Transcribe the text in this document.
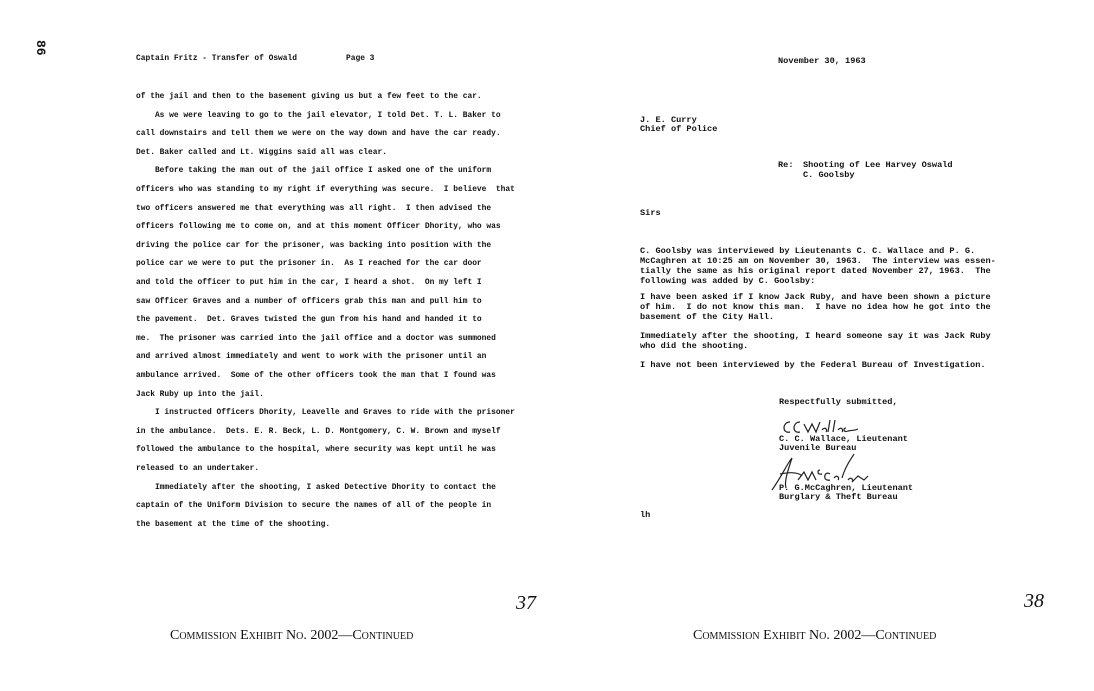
86
Captain Fritz - Transfer of Oswald	Page 3
of the jail and then to the basement giving us but a few feet to the car.
As we were leaving to go to the jail elevator, I told Det. T. L. Baker to
call downstairs and tell them we were on the way down and have the car ready.
Det. Baker called and Lt. Wiggins said all was clear.
Before taking the man out of the jail office I asked one of the uniform
officers who was standing to my right if everything was secure.  I believe  that
two officers answered me that everything was all right.  I then advised the
officers following me to come on, and at this moment Officer Dhority, who was
driving the police car for the prisoner, was backing into position with the
police car we were to put the prisoner in.  As I reached for the car door
and told the officer to put him in the car, I heard a shot.  On my left I
saw Officer Graves and a number of officers grab this man and pull him to
the pavement.  Det. Graves twisted the gun from his hand and handed it to
me.  The prisoner was carried into the jail office and a doctor was summoned
and arrived almost immediately and went to work with the prisoner until an
ambulance arrived.  Some of the other officers took the man that I found was
Jack Ruby up into the jail.
I instructed Officers Dhority, Leavelle and Graves to ride with the prisoner
in the ambulance.  Dets. E. R. Beck, L. D. Montgomery, C. W. Brown and myself
followed the ambulance to the hospital, where security was kept until he was
released to an undertaker.
Immediately after the shooting, I asked Detective Dhority to contact the
captain of the Uniform Division to secure the names of all of the people in
the basement at the time of the shooting.
37
Commission Exhibit No. 2002—Continued
November 30, 1963
J. E. Curry
Chief of Police
Re: Shooting of Lee Harvey Oswald
C. Goolsby
Sirs
C. Goolsby was interviewed by Lieutenants C. C. Wallace and P. G.
McCaghren at 10:25 am on November 30, 1963.  The interview was essen-
tially the same as his original report dated November 27, 1963.  The
following was added by C. Goolsby:
I have been asked if I know Jack Ruby, and have been shown a picture
of him.  I do not know this man.  I have no idea how he got into the
basement of the City Hall.
Immediately after the shooting, I heard someone say it was Jack Ruby
who did the shooting.
I have not been interviewed by the Federal Bureau of Investigation.
Respectfully submitted,
C. C. Wallace, Lieutenant
Juvenile Bureau
P. G.McCaghren, Lieutenant
Burglary & Theft Bureau
lh
38
Commission Exhibit No. 2002—Continued
